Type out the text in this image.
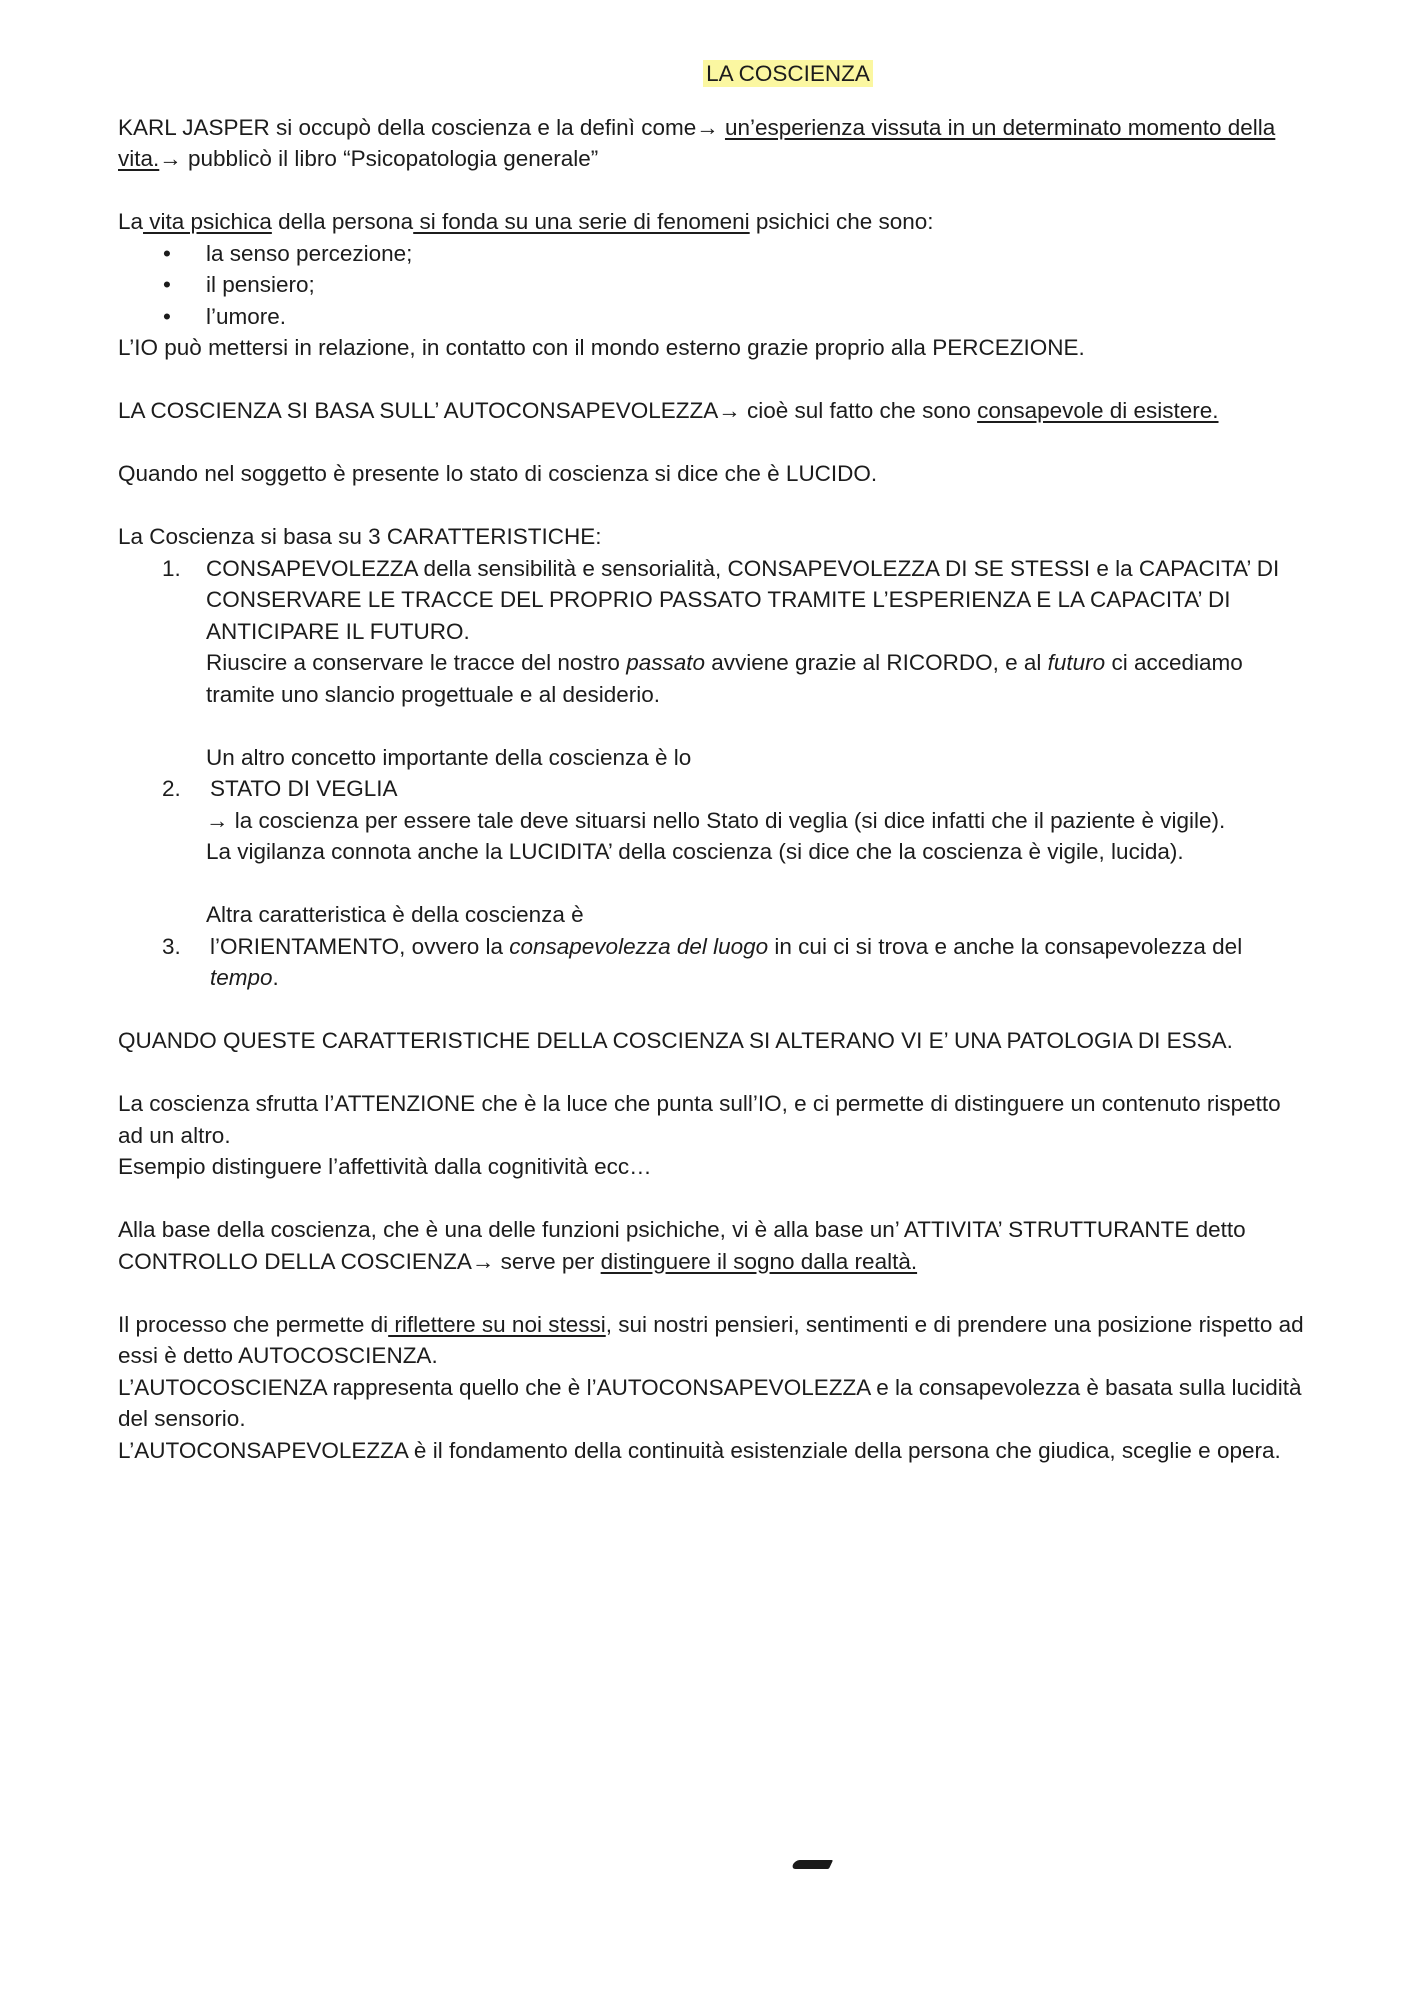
LA COSCIENZA

KARL JASPER si occupò della coscienza e la definì come→ un’esperienza vissuta in un determinato momento della vita.→ pubblicò il libro “Psicopatologia generale”

La vita psichica della persona si fonda su una serie di fenomeni psichici che sono:

• la senso percezione;
• il pensiero;
• l’umore.

L’IO può mettersi in relazione, in contatto con il mondo esterno grazie proprio alla PERCEZIONE.

LA COSCIENZA SI BASA SULL’ AUTOCONSAPEVOLEZZA→ cioè sul fatto che sono consapevole di esistere.

Quando nel soggetto è presente lo stato di coscienza si dice che è LUCIDO.

La Coscienza si basa su 3 CARATTERISTICHE:

1. CONSAPEVOLEZZA della sensibilità e sensorialità, CONSAPEVOLEZZA DI SE STESSI e la CAPACITA’ DI CONSERVARE LE TRACCE DEL PROPRIO PASSATO TRAMITE L’ESPERIENZA E LA CAPACITA’ DI ANTICIPARE IL FUTURO.

Riuscire a conservare le tracce del nostro passato avviene grazie al RICORDO, e al futuro ci accediamo tramite uno slancio progettuale e al desiderio.

Un altro concetto importante della coscienza è lo

2. STATO DI VEGLIA

→ la coscienza per essere tale deve situarsi nello Stato di veglia (si dice infatti che il paziente è vigile).

La vigilanza connota anche la LUCIDITA’ della coscienza (si dice che la coscienza è vigile, lucida).

Altra caratteristica è della coscienza è

3. l’ORIENTAMENTO, ovvero la consapevolezza del luogo in cui ci si trova e anche la consapevolezza del tempo.

QUANDO QUESTE CARATTERISTICHE DELLA COSCIENZA SI ALTERANO VI E’ UNA PATOLOGIA DI ESSA.

La coscienza sfrutta l’ATTENZIONE che è la luce che punta sull’IO, e ci permette di distinguere un contenuto rispetto ad un altro.

Esempio distinguere l’affettività dalla cognitività ecc…

Alla base della coscienza, che è una delle funzioni psichiche, vi è alla base un’ ATTIVITA’ STRUTTURANTE detto CONTROLLO DELLA COSCIENZA→ serve per distinguere il sogno dalla realtà.

Il processo che permette di riflettere su noi stessi, sui nostri pensieri, sentimenti e di prendere una posizione rispetto ad essi è detto AUTOCOSCIENZA.

L’AUTOCOSCIENZA rappresenta quello che è l’AUTOCONSAPEVOLEZZA e la consapevolezza è basata sulla lucidità del sensorio.

L’AUTOCONSAPEVOLEZZA è il fondamento della continuità esistenziale della persona che giudica, sceglie e opera.
